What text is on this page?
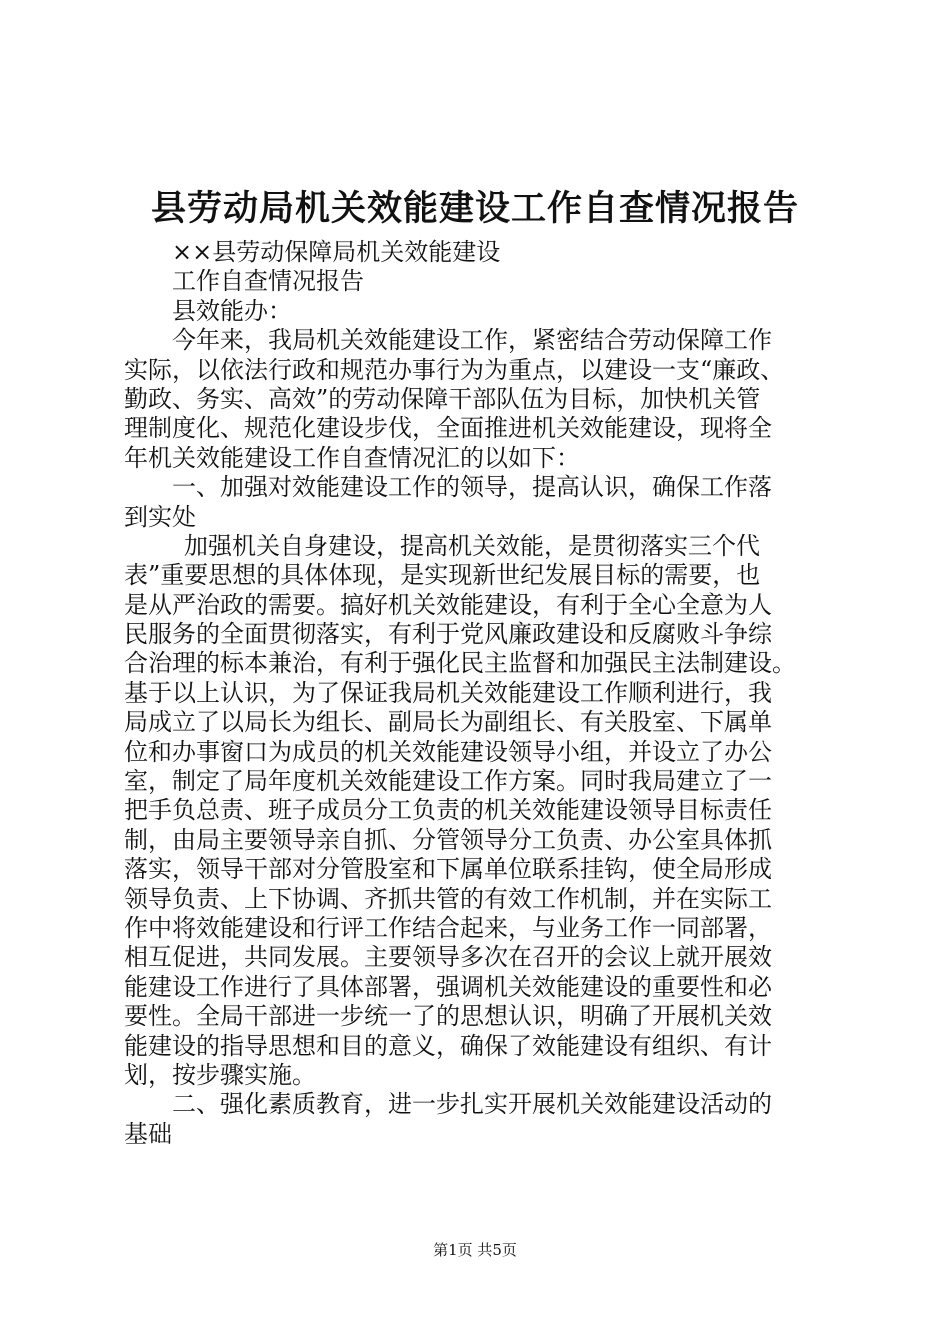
县劳动局机关效能建设工作自查情况报告
××县劳动保障局机关效能建设
工作自查情况报告
县效能办：
今年来，我局机关效能建设工作，紧密结合劳动保障工作
实际，以依法行政和规范办事行为为重点，以建设一支“廉政、
勤政、务实、高效”的劳动保障干部队伍为目标，加快机关管
理制度化、规范化建设步伐，全面推进机关效能建设，现将全
年机关效能建设工作自查情况汇的以如下：
一、加强对效能建设工作的领导，提高认识，确保工作落
到实处
加强机关自身建设，提高机关效能，是贯彻落实三个代
表”重要思想的具体体现，是实现新世纪发展目标的需要，也
是从严治政的需要。搞好机关效能建设，有利于全心全意为人
民服务的全面贯彻落实，有利于党风廉政建设和反腐败斗争综
合治理的标本兼治，有利于强化民主监督和加强民主法制建设。
基于以上认识，为了保证我局机关效能建设工作顺利进行，我
局成立了以局长为组长、副局长为副组长、有关股室、下属单
位和办事窗口为成员的机关效能建设领导小组，并设立了办公
室，制定了局年度机关效能建设工作方案。同时我局建立了一
把手负总责、班子成员分工负责的机关效能建设领导目标责任
制，由局主要领导亲自抓、分管领导分工负责、办公室具体抓
落实，领导干部对分管股室和下属单位联系挂钩，使全局形成
领导负责、上下协调、齐抓共管的有效工作机制，并在实际工
作中将效能建设和行评工作结合起来，与业务工作一同部署，
相互促进，共同发展。主要领导多次在召开的会议上就开展效
能建设工作进行了具体部署，强调机关效能建设的重要性和必
要性。全局干部进一步统一了的思想认识，明确了开展机关效
能建设的指导思想和目的意义，确保了效能建设有组织、有计
划，按步骤实施。
二、强化素质教育，进一步扎实开展机关效能建设活动的
基础
第1页 共5页
